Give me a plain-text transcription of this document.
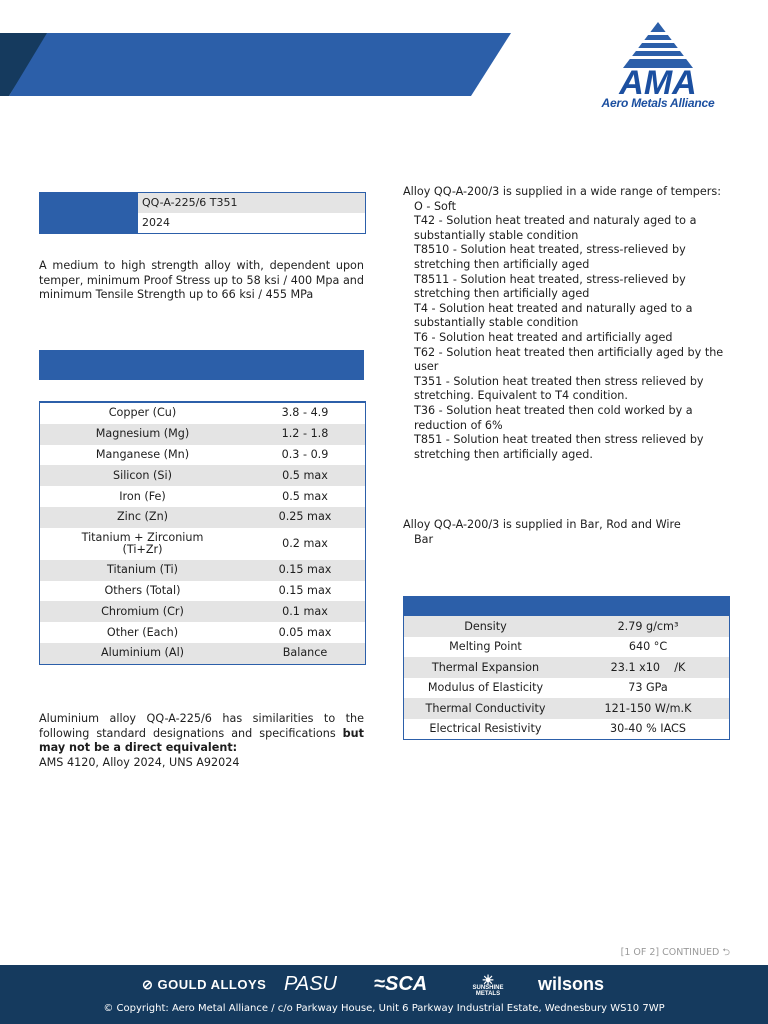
AMA
Aero Metals Alliance
QQ-A-225/6 T351
2024

A medium to high strength alloy with, dependent upon temper, minimum Proof Stress up to 58 ksi / 400 Mpa and minimum Tensile Strength up to 66 ksi / 455 MPa

Copper (Cu)	3.8 - 4.9
Magnesium (Mg)	1.2 - 1.8
Manganese (Mn)	0.3 - 0.9
Silicon (Si)	0.5 max
Iron (Fe)	0.5 max
Zinc (Zn)	0.25 max
Titanium + Zirconium
(Ti+Zr)	0.2 max
Titanium (Ti)	0.15 max
Others (Total)	0.15 max
Chromium (Cr)	0.1 max
Other (Each)	0.05 max
Aluminium (Al)	Balance

Aluminium alloy QQ-A-225/6 has similarities to the following standard designations and specifications but may not be a direct equivalent:
AMS 4120, Alloy 2024, UNS A92024

Alloy QQ-A-200/3 is supplied in a wide range of tempers:
O - Soft
T42 - Solution heat treated and naturaly aged to a substantially stable condition
T8510 - Solution heat treated, stress-relieved by stretching then artificially aged
T8511 - Solution heat treated, stress-relieved by stretching then artificially aged
T4 - Solution heat treated and naturally aged to a substantially stable condition
T6 - Solution heat treated and artificially aged
T62 - Solution heat treated then artificially aged by the user
T351 - Solution heat treated then stress relieved by stretching. Equivalent to T4 condition.
T36 - Solution heat treated then cold worked by a reduction of 6%
T851 - Solution heat treated then stress relieved by stretching then artificially aged.
Alloy QQ-A-200/3 is supplied in Bar, Rod and Wire
Bar
Density	2.79 g/cm³
Melting Point	640 °C
Thermal Expansion	23.1 x10    /K
Modulus of Elasticity	73 GPa
Thermal Conductivity	121-150 W/m.K
Electrical Resistivity	30-40 % IACS
[1 OF 2] CONTINUED ⮌
⊘ GOULD ALLOYS PASU ≈SCA	☀
SUNSHINE METALS	wilsons
© Copyright: Aero Metal Alliance / c/o Parkway House, Unit 6 Parkway Industrial Estate, Wednesbury WS10 7WP
